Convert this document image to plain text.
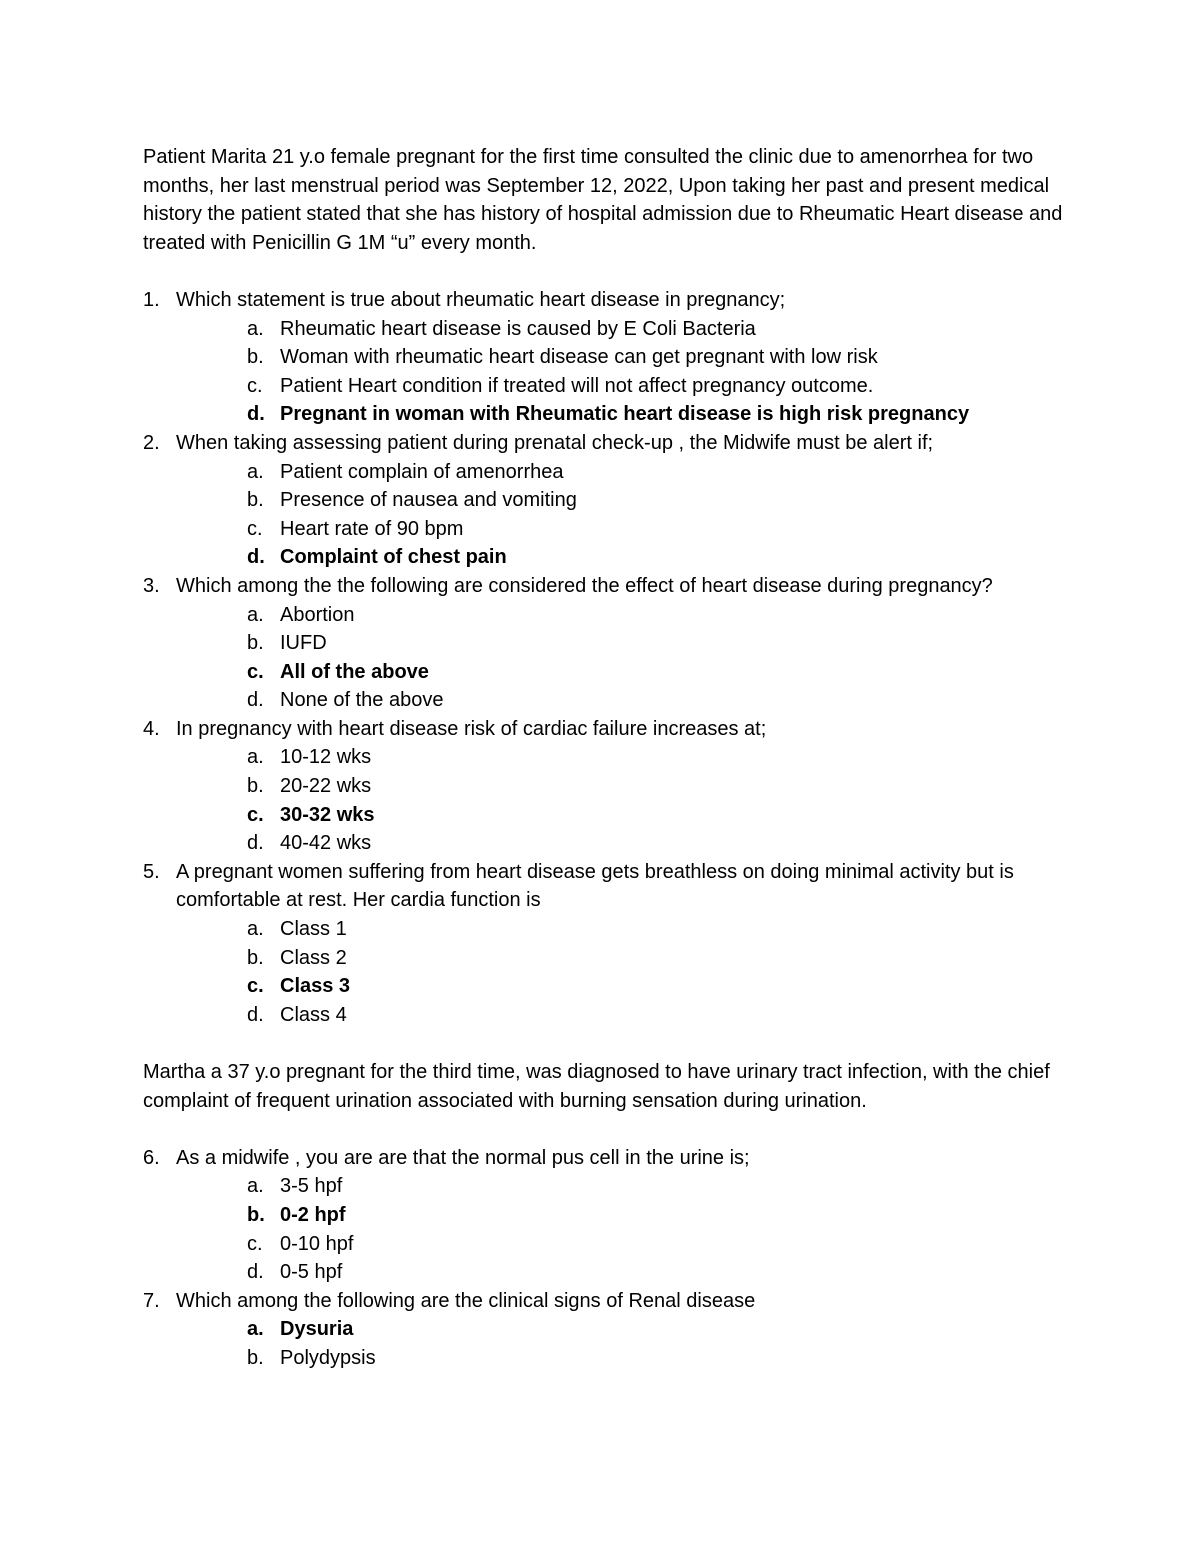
Patient Marita 21 y.o female pregnant for the first time consulted the clinic due to amenorrhea for two months, her last menstrual period was September 12, 2022, Upon taking her past and present medical history the patient stated that she has history of hospital admission due to Rheumatic Heart disease and treated with Penicillin G 1M “u” every month.

1. Which statement is true about rheumatic heart disease in pregnancy;
a. Rheumatic heart disease is caused by E Coli Bacteria
b. Woman with rheumatic heart disease can get pregnant with low risk
c. Patient Heart condition if treated will not affect pregnancy outcome.
d. Pregnant in woman with Rheumatic heart disease is high risk pregnancy
2. When taking assessing patient during prenatal check-up , the Midwife must be alert if;
a. Patient complain of amenorrhea
b. Presence of nausea and vomiting
c. Heart rate of 90 bpm
d. Complaint of chest pain
3. Which among the the following are considered the effect of heart disease during pregnancy?
a. Abortion
b. IUFD
c. All of the above
d. None of the above
4. In pregnancy with heart disease risk of cardiac failure increases at;
a. 10-12 wks
b. 20-22 wks
c. 30-32 wks
d. 40-42 wks
5. A pregnant women suffering from heart disease gets breathless on doing minimal activity but is comfortable at rest. Her cardia function is
a. Class 1
b. Class 2
c. Class 3
d. Class 4

Martha a 37 y.o pregnant for the third time, was diagnosed to have urinary tract infection, with the chief complaint of frequent urination associated with burning sensation during urination.

6. As a midwife , you are are that the normal pus cell in the urine is;
a. 3-5 hpf
b. 0-2 hpf
c. 0-10 hpf
d. 0-5 hpf
7. Which among the following are the clinical signs of Renal disease
a. Dysuria
b. Polydypsis
